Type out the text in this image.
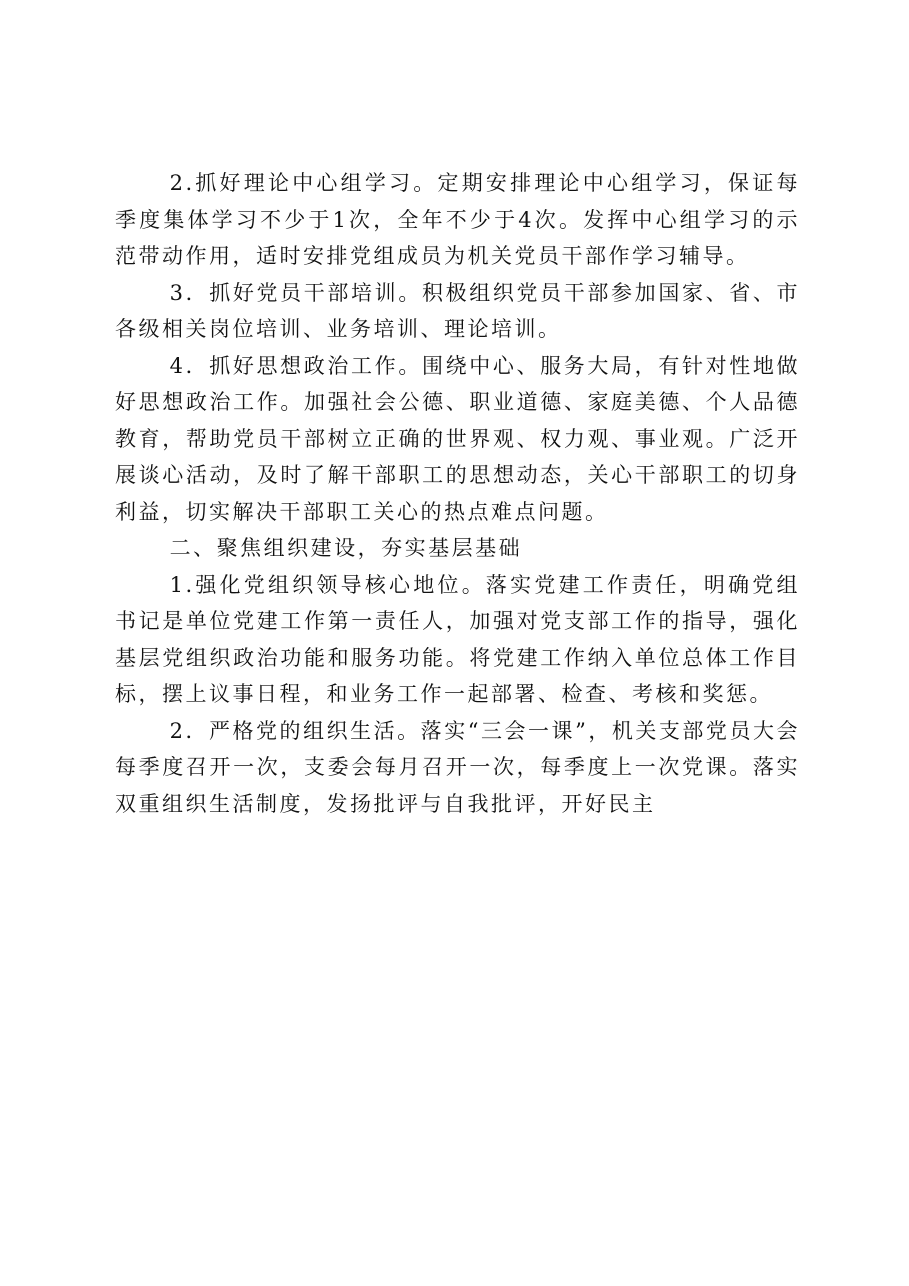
2.抓好理论中心组学习。定期安排理论中心组学习，保证每季度集体学习不少于1次，全年不少于4次。发挥中心组学习的示范带动作用，适时安排党组成员为机关党员干部作学习辅导。

3．抓好党员干部培训。积极组织党员干部参加国家、省、市各级相关岗位培训、业务培训、理论培训。

4．抓好思想政治工作。围绕中心、服务大局，有针对性地做好思想政治工作。加强社会公德、职业道德、家庭美德、个人品德教育，帮助党员干部树立正确的世界观、权力观、事业观。广泛开展谈心活动，及时了解干部职工的思想动态，关心干部职工的切身利益，切实解决干部职工关心的热点难点问题。

二、聚焦组织建设，夯实基层基础

1.强化党组织领导核心地位。落实党建工作责任，明确党组书记是单位党建工作第一责任人，加强对党支部工作的指导，强化基层党组织政治功能和服务功能。将党建工作纳入单位总体工作目标，摆上议事日程，和业务工作一起部署、检查、考核和奖惩。

2．严格党的组织生活。落实“三会一课”，机关支部党员大会每季度召开一次，支委会每月召开一次，每季度上一次党课。落实双重组织生活制度，发扬批评与自我批评，开好民主
